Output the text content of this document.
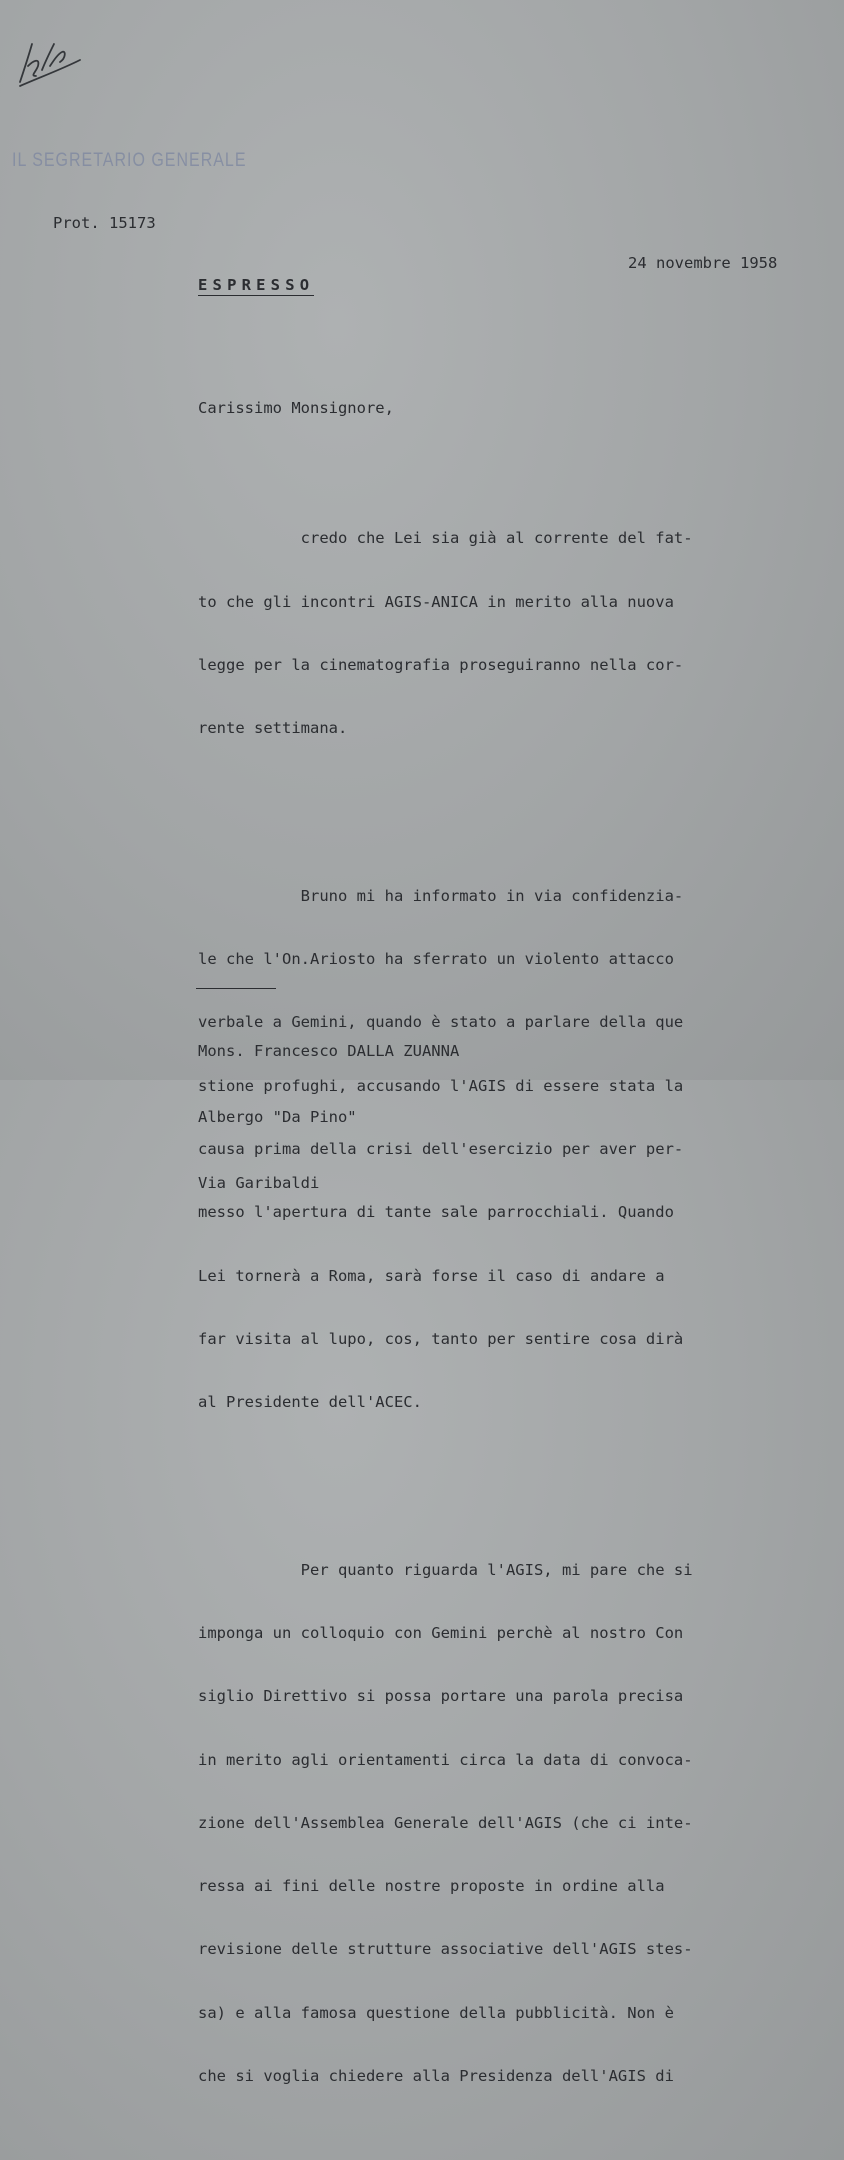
IL SEGRETARIO GENERALE
Prot. 15173
24 novembre 1958
ESPRESSO
Carissimo Monsignore,

credo che Lei sia già al corrente del fat-

to che gli incontri AGIS-ANICA in merito alla nuova

legge per la cinematografia proseguiranno nella cor-

rente settimana.

Bruno mi ha informato in via confidenzia-

le che l'On.Ariosto ha sferrato un violento attacco

verbale a Gemini, quando è stato a parlare della que

stione profughi, accusando l'AGIS di essere stata la

causa prima della crisi dell'esercizio per aver per-

messo l'apertura di tante sale parrocchiali. Quando

Lei tornerà a Roma, sarà forse il caso di andare a

far visita al lupo, cos, tanto per sentire cosa dirà

al Presidente dell'ACEC.

Per quanto riguarda l'AGIS, mi pare che si

imponga un colloquio con Gemini perchè al nostro Con

siglio Direttivo si possa portare una parola precisa

in merito agli orientamenti circa la data di convoca-

zione dell'Assemblea Generale dell'AGIS (che ci inte-

ressa ai fini delle nostre proposte in ordine alla

revisione delle strutture associative dell'AGIS stes-

sa) e alla famosa questione della pubblicità. Non è

che si voglia chiedere alla Presidenza dell'AGIS di

Mons. Francesco DALLA ZUANNA

Albergo "Da Pino"

Via Garibaldi
